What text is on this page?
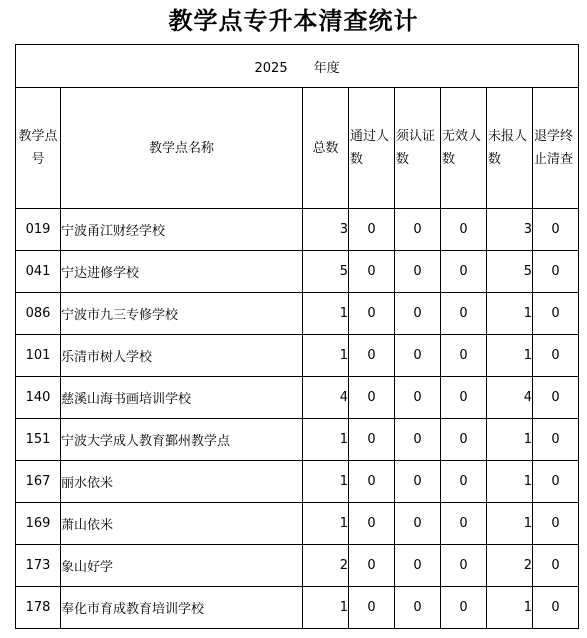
教学点专升本清查统计
2025 年度							
教学点号	教学点名称	总数	通过人数	须认证数	无效人数	未报人数	退学终止清查
019	宁波甬江财经学校	3	0	0	0	3	0
041	宁达进修学校	5	0	0	0	5	0
086	宁波市九三专修学校	1	0	0	0	1	0
101	乐清市树人学校	1	0	0	0	1	0
140	慈溪山海书画培训学校	4	0	0	0	4	0
151	宁波大学成人教育鄞州教学点	1	0	0	0	1	0
167	丽水依米	1	0	0	0	1	0
169	萧山依米	1	0	0	0	1	0
173	象山好学	2	0	0	0	2	0
178	奉化市育成教育培训学校	1	0	0	0	1	0
